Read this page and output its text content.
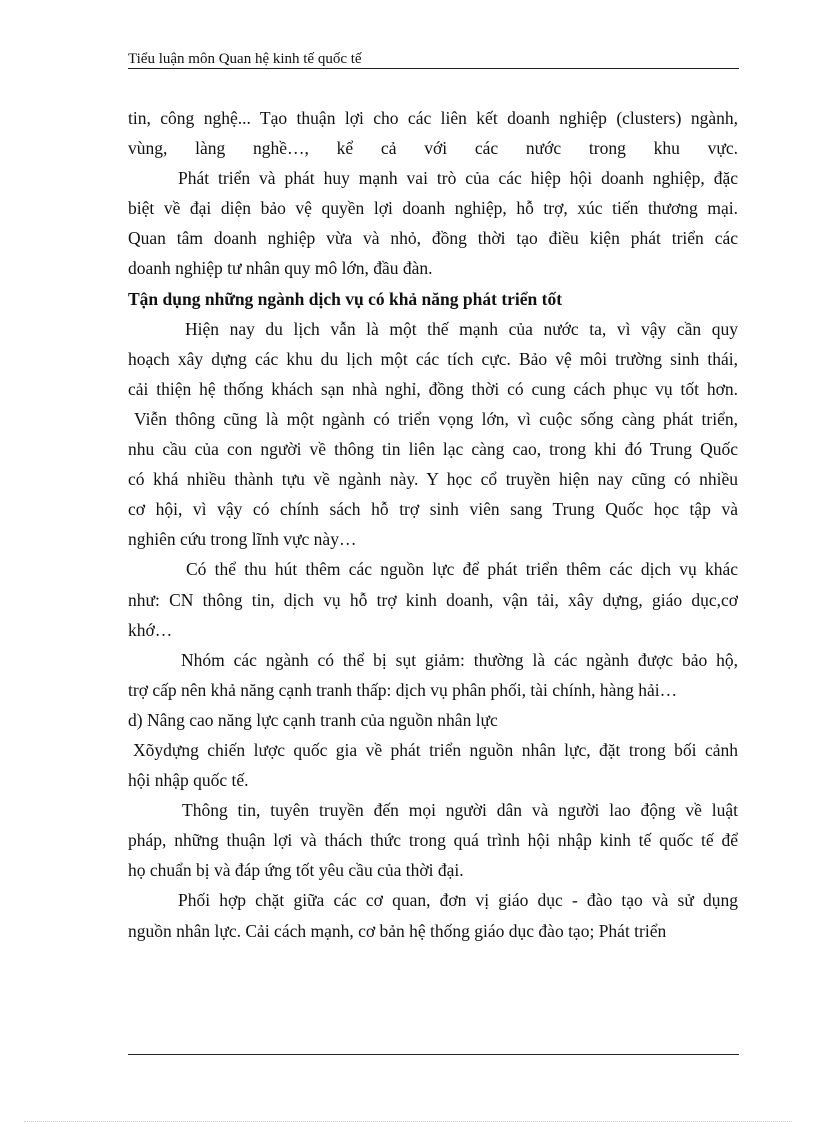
Tiểu luận môn Quan hệ kinh tế quốc tế
tin, công nghệ... Tạo thuận lợi cho các liên kết doanh nghiệp (clusters) ngành,
vùng, làng nghề…, kể cả với các nước trong khu vực.
Phát triển và phát huy mạnh vai trò của các hiệp hội doanh nghiệp, đặc
biệt về đại diện bảo vệ quyền lợi doanh nghiệp, hỗ trợ, xúc tiến thương mại.
Quan tâm doanh nghiệp vừa và nhỏ, đồng thời tạo điều kiện phát triển các
doanh nghiệp tư nhân quy mô lớn, đầu đàn.
Tận dụng những ngành dịch vụ có khả năng phát triển tốt
Hiện nay du lịch vẫn là một thế mạnh của nước ta, vì vậy cần quy
hoạch xây dựng các khu du lịch một các tích cực. Bảo vệ môi trường sinh thái,
cải thiện hệ thống khách sạn nhà nghỉ, đồng thời có cung cách phục vụ tốt hơn.
Viễn thông cũng là một ngành có triển vọng lớn, vì cuộc sống càng phát triển,
nhu cầu của con người về thông tin liên lạc càng cao, trong khi đó Trung Quốc
có khá nhiều thành tựu về ngành này. Y học cổ truyền hiện nay cũng có nhiều
cơ hội, vì vậy có chính sách hỗ trợ sinh viên sang Trung Quốc học tập và
nghiên cứu trong lĩnh vực này…
Có thể thu hút thêm các nguồn lực để phát triển thêm các dịch vụ khác
như: CN thông tin, dịch vụ hỗ trợ kinh doanh, vận tải, xây dựng, giáo dục,cơ
khớ…
Nhóm các ngành có thể bị sụt giảm: thường là các ngành được bảo hộ,
trợ cấp nên khả năng cạnh tranh thấp: dịch vụ phân phối, tài chính, hàng hải…
d) Nâng cao năng lực cạnh tranh của nguồn nhân lực
Xõydựng chiến lược quốc gia về phát triển nguồn nhân lực, đặt trong bối cảnh
hội nhập quốc tế.
Thông tin, tuyên truyền đến mọi người dân và người lao động về luật
pháp, những thuận lợi và thách thức trong quá trình hội nhập kinh tế quốc tế để
họ chuẩn bị và đáp ứng tốt yêu cầu của thời đại.
Phối hợp chặt giữa các cơ quan, đơn vị giáo dục - đào tạo và sử dụng
nguồn nhân lực. Cải cách mạnh, cơ bản hệ thống giáo dục đào tạo; Phát triển
